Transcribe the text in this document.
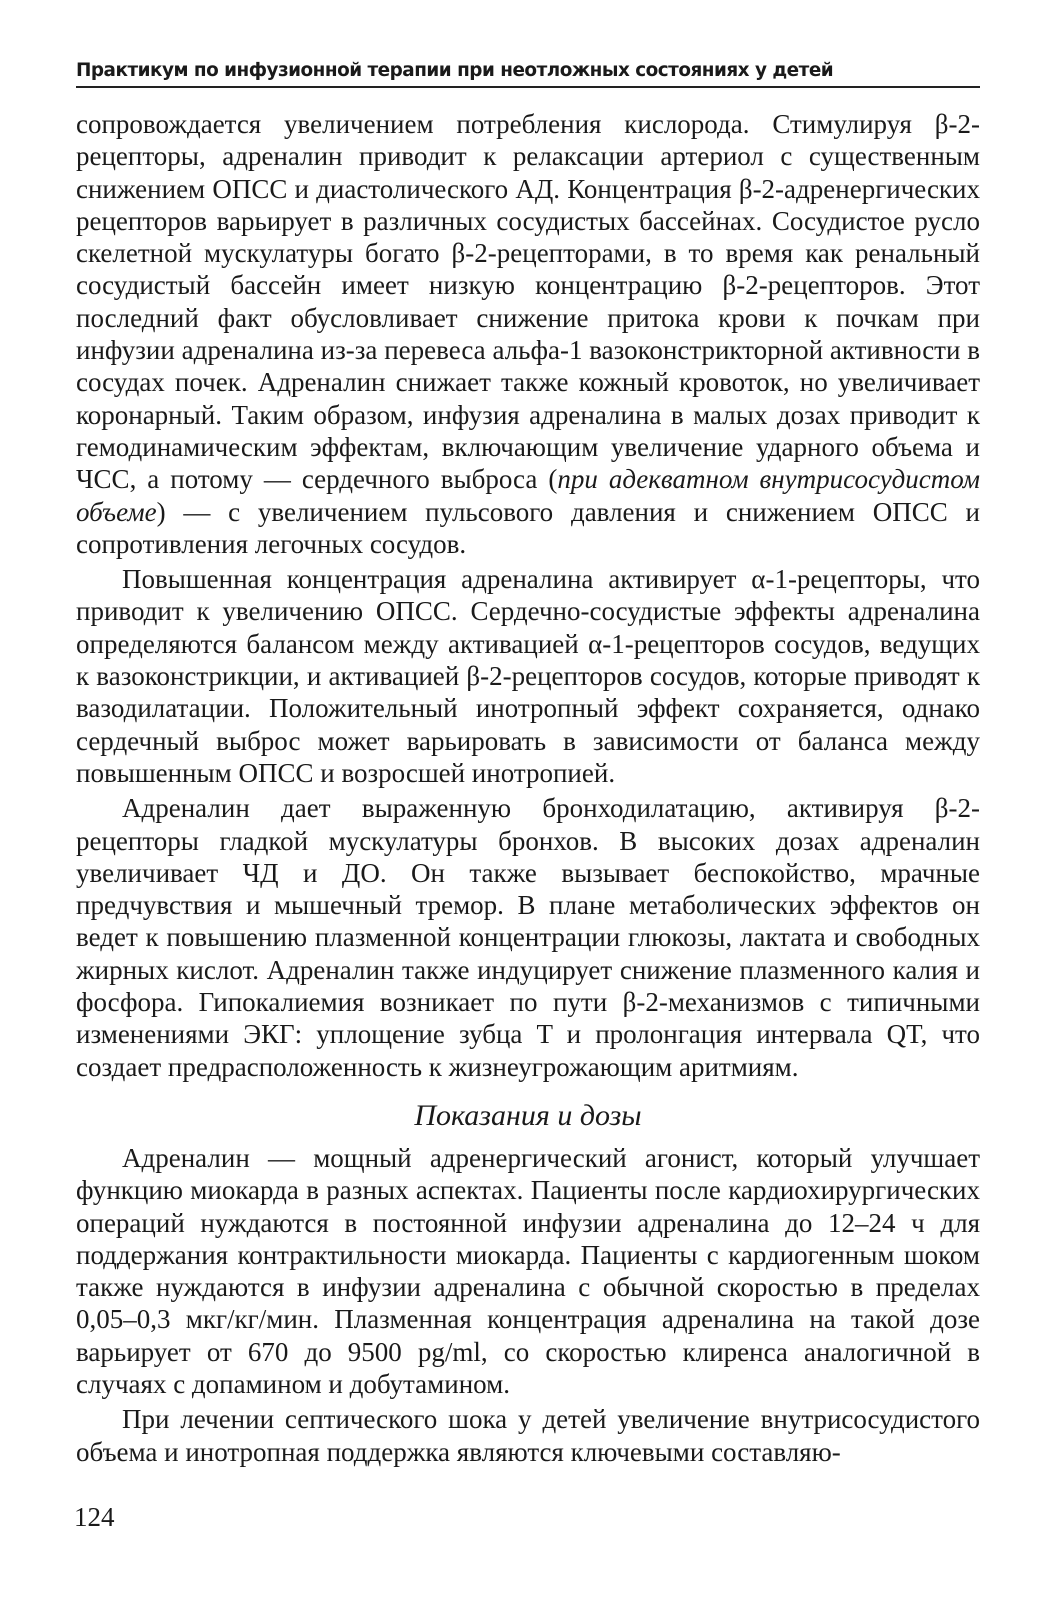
Практикум по инфузионной терапии при неотложных состояниях у детей

сопровождается увеличением потребления кислорода. Стимулируя β-2-рецепторы, адреналин приводит к релаксации артериол с существенным снижением ОПСС и диастолического АД. Концентрация β-2-адренергических рецепторов варьирует в различных сосудистых бассейнах. Сосудистое русло скелетной мускулатуры богато β-2-рецепторами, в то время как ренальный сосудистый бассейн имеет низкую концентрацию β-2-рецепторов. Этот последний факт обусловливает снижение притока крови к почкам при инфузии адреналина из-за перевеса альфа-1 вазоконстрикторной активности в сосудах почек. Адреналин снижает также кожный кровоток, но увеличивает коронарный. Таким образом, инфузия адреналина в малых дозах приводит к гемодинамическим эффектам, включающим увеличение ударного объема и ЧСС, а потому — сердечного выброса (при адекватном внутрисосудистом объеме) — с увеличением пульсового давления и снижением ОПСС и сопротивления легочных сосудов.

Повышенная концентрация адреналина активирует α-1-рецепторы, что приводит к увеличению ОПСС. Сердечно-сосудистые эффекты адреналина определяются балансом между активацией α-1-рецепторов сосудов, ведущих к вазоконстрикции, и активацией β-2-рецепторов сосудов, которые приводят к вазодилатации. Положительный инотропный эффект сохраняется, однако сердечный выброс может варьировать в зависимости от баланса между повышенным ОПСС и возросшей инотропией.

Адреналин дает выраженную бронходилатацию, активируя β-2-рецепторы гладкой мускулатуры бронхов. В высоких дозах адреналин увеличивает ЧД и ДО. Он также вызывает беспокойство, мрачные предчувствия и мышечный тремор. В плане метаболических эффектов он ведет к повышению плазменной концентрации глюкозы, лактата и свободных жирных кислот. Адреналин также индуцирует снижение плазменного калия и фосфора. Гипокалиемия возникает по пути β-2-механизмов с типичными изменениями ЭКГ: уплощение зубца T и пролонгация интервала QT, что создает предрасположенность к жизнеугрожающим аритмиям.

Показания и дозы

Адреналин — мощный адренергический агонист, который улучшает функцию миокарда в разных аспектах. Пациенты после кардиохирургических операций нуждаются в постоянной инфузии адреналина до 12–24 ч для поддержания контрактильности миокарда. Пациенты с кардиогенным шоком также нуждаются в инфузии адреналина с обычной скоростью в пределах 0,05–0,3 мкг/кг/мин. Плазменная концентрация адреналина на такой дозе варьирует от 670 до 9500 pg/ml, со скоростью клиренса аналогичной в случаях с допамином и добутамином.

При лечении септического шока у детей увеличение внутрисосудистого объема и инотропная поддержка являются ключевыми составляю-

124
